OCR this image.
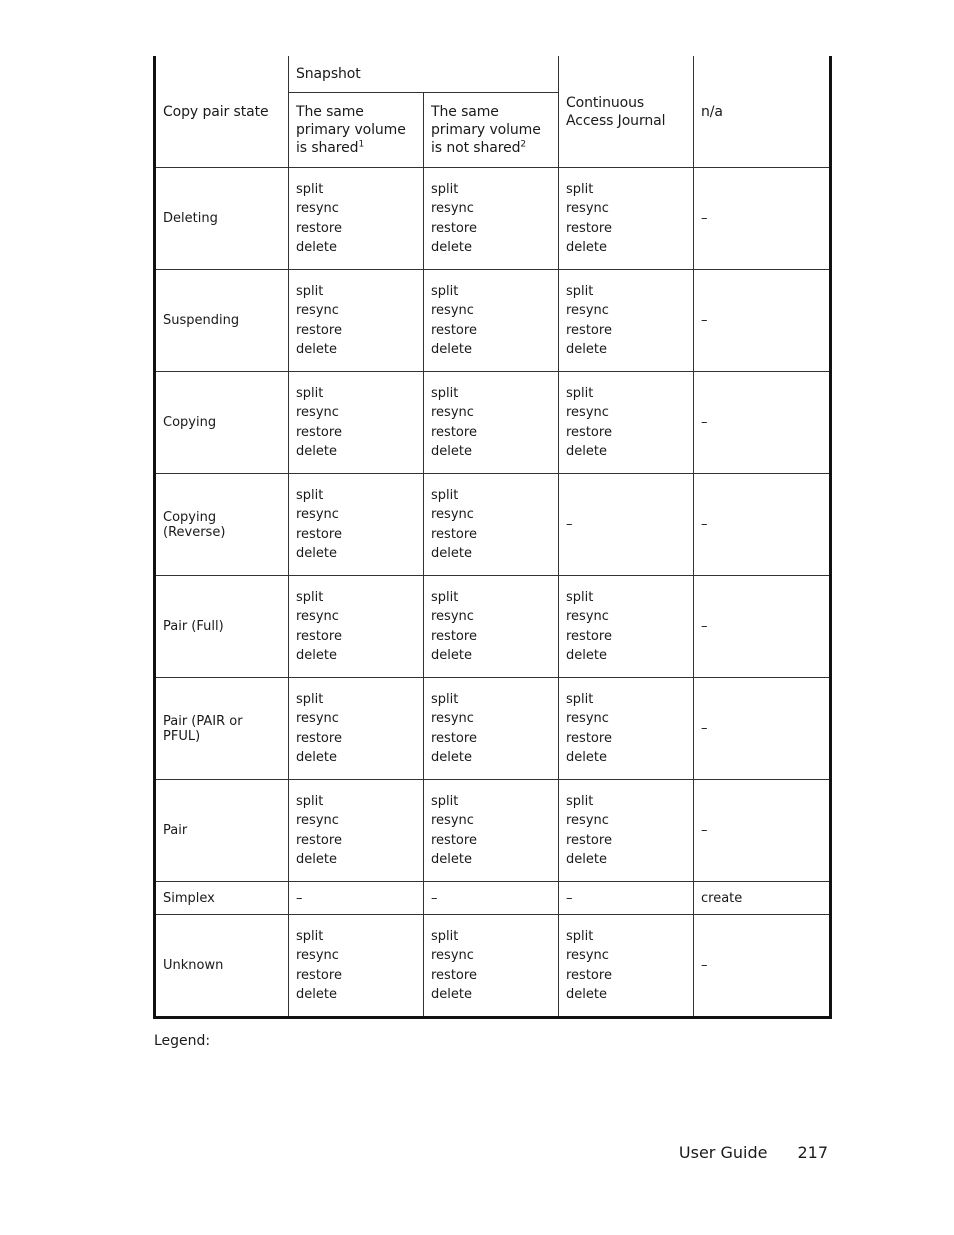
Copy pair state	Snapshot		Continuous Access Journal	n/a
	The same primary volume is shared$^1$	The same primary volume is not shared$^2$
Deleting	split
resync
restore
delete	split
resync
restore
delete	split
resync
restore
delete	–
Suspending	split
resync
restore
delete	split
resync
restore
delete	split
resync
restore
delete	–
Copying	split
resync
restore
delete	split
resync
restore
delete	split
resync
restore
delete	–
Copying (Reverse)	split
resync
restore
delete	split
resync
restore
delete	–	–
Pair (Full)	split
resync
restore
delete	split
resync
restore
delete	split
resync
restore
delete	–
Pair (PAIR or PFUL)	split
resync
restore
delete	split
resync
restore
delete	split
resync
restore
delete	–
Pair	split
resync
restore
delete	split
resync
restore
delete	split
resync
restore
delete	–
Simplex	–	–	–	create
Unknown	split
resync
restore
delete	split
resync
restore
delete	split
resync
restore
delete	–
Legend:
User Guide 217
